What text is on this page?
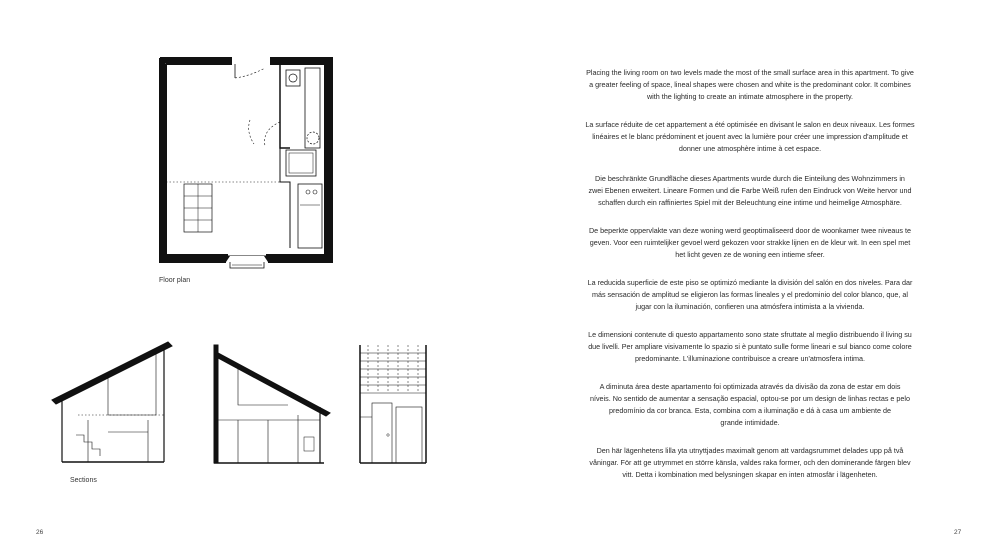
Floor plan
Sections
26	27

Placing the living room on two levels made the most of the small surface area in this apartment. To give
a greater feeling of space, lineal shapes were chosen and white is the predominant color. It combines
with the lighting to create an intimate atmosphere in the property.

La surface réduite de cet appartement a été optimisée en divisant le salon en deux niveaux. Les formes
linéaires et le blanc prédominent et jouent avec la lumière pour créer une impression d'amplitude et
donner une atmosphère intime à cet espace.

Die beschränkte Grundfläche dieses Apartments wurde durch die Einteilung des Wohnzimmers in
zwei Ebenen erweitert. Lineare Formen und die Farbe Weiß rufen den Eindruck von Weite hervor und
schaffen durch ein raffiniertes Spiel mit der Beleuchtung eine intime und heimelige Atmosphäre.

De beperkte oppervlakte van deze woning werd geoptimaliseerd door de woonkamer twee niveaus te
geven. Voor een ruimtelijker gevoel werd gekozen voor strakke lijnen en de kleur wit. In een spel met
het licht geven ze de woning een intieme sfeer.

La reducida superficie de este piso se optimizó mediante la división del salón en dos niveles. Para dar
más sensación de amplitud se eligieron las formas lineales y el predominio del color blanco, que, al
jugar con la iluminación, confieren una atmósfera intimista a la vivienda.

Le dimensioni contenute di questo appartamento sono state sfruttate al meglio distribuendo il living su
due livelli. Per ampliare visivamente lo spazio si è puntato sulle forme lineari e sul bianco come colore
predominante. L'illuminazione contribuisce a creare un'atmosfera intima.

A diminuta área deste apartamento foi optimizada através da divisão da zona de estar em dois
níveis. No sentido de aumentar a sensação espacial, optou-se por um design de linhas rectas e pelo
predomínio da cor branca. Esta, combina com a iluminação e dá à casa um ambiente de
grande intimidade.

Den här lägenhetens lilla yta utnyttjades maximalt genom att vardagsrummet delades upp på två
våningar. För att ge utrymmet en större känsla, valdes raka former, och den dominerande färgen blev
vitt. Detta i kombination med belysningen skapar en inten atmosfär i lägenheten.
